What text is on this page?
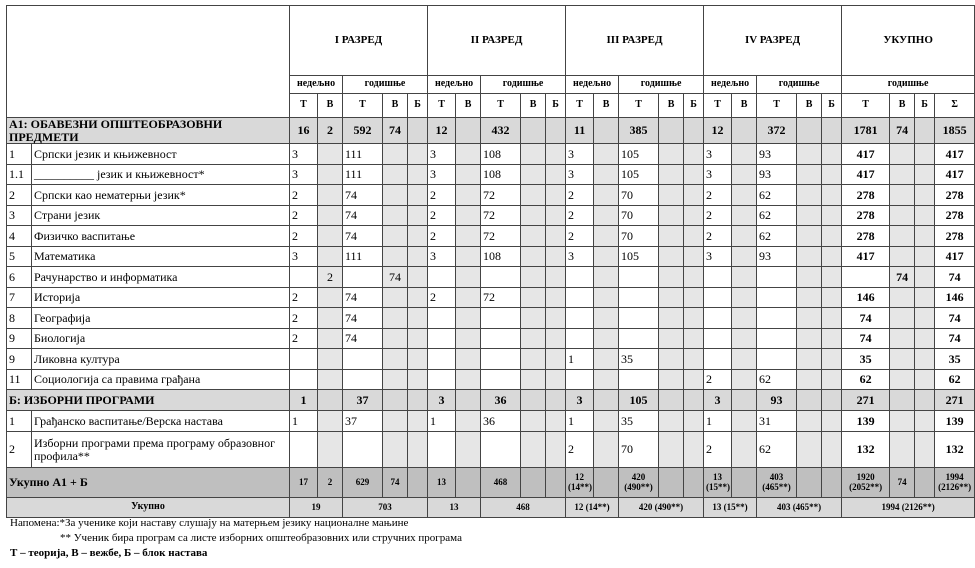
		I РАЗРЕД					II РАЗРЕД					III РАЗРЕД					IV РАЗРЕД					УКУПНО			
		недељно		годишње			недељно		годишње			недељно		годишње			недељно		годишње			годишње			
		Т	В	Т	В	Б	Т	В	Т	В	Б	Т	В	Т	В	Б	Т	В	Т	В	Б	Т	В	Б	Σ
А1: ОБАВЕЗНИ ОПШТЕОБРАЗОВНИ ПРЕДМЕТИ		16	2	592	74		12		432			11		385			12		372			1781	74		1855
1	Српски језик и књижевност	3		111			3		108			3		105			3		93			417			417
1.1	__________ језик и књижевност*	3		111			3		108			3		105			3		93			417			417
2	Српски као нематерњи језик*	2		74			2		72			2		70			2		62			278			278
3	Страни језик	2		74			2		72			2		70			2		62			278			278
4	Физичко васпитање	2		74			2		72			2		70			2		62			278			278
5	Математика	3		111			3		108			3		105			3		93			417			417
6	Рачунарство и информатика		2		74																		74		74
7	Историја	2		74			2		72													146			146
8	Географија	2		74																		74			74
9	Биологија	2		74																		74			74
9	Ликовна култура											1		35								35			35
11	Социологија са правима грађана																2		62			62			62
Б: ИЗБОРНИ ПРОГРАМИ		1		37			3		36			3		105			3		93			271			271
1	Грађанско васпитање/Верска настава	1		37			1		36			1		35			1		31			139			139
2	Изборни програми према програму образовног профила**											2		70			2		62			132			132
Укупно А1 + Б		17	2	629	74		13		468			12 (14**)		420 (490**)			13 (15**)		403 (465**)			1920 (2052**)	74		1994 (2126**)
Укупно		19		703			13		468			12 (14**)		420 (490**)			13 (15**)		403 (465**)			1994 (2126**)			
Напомена:*За ученике који наставу слушају на матерњем језику националне мањине
** Ученик бира програм са листе изборних општеобразовних или стручних програма
Т – теорија, В – вежбе, Б – блок настава
